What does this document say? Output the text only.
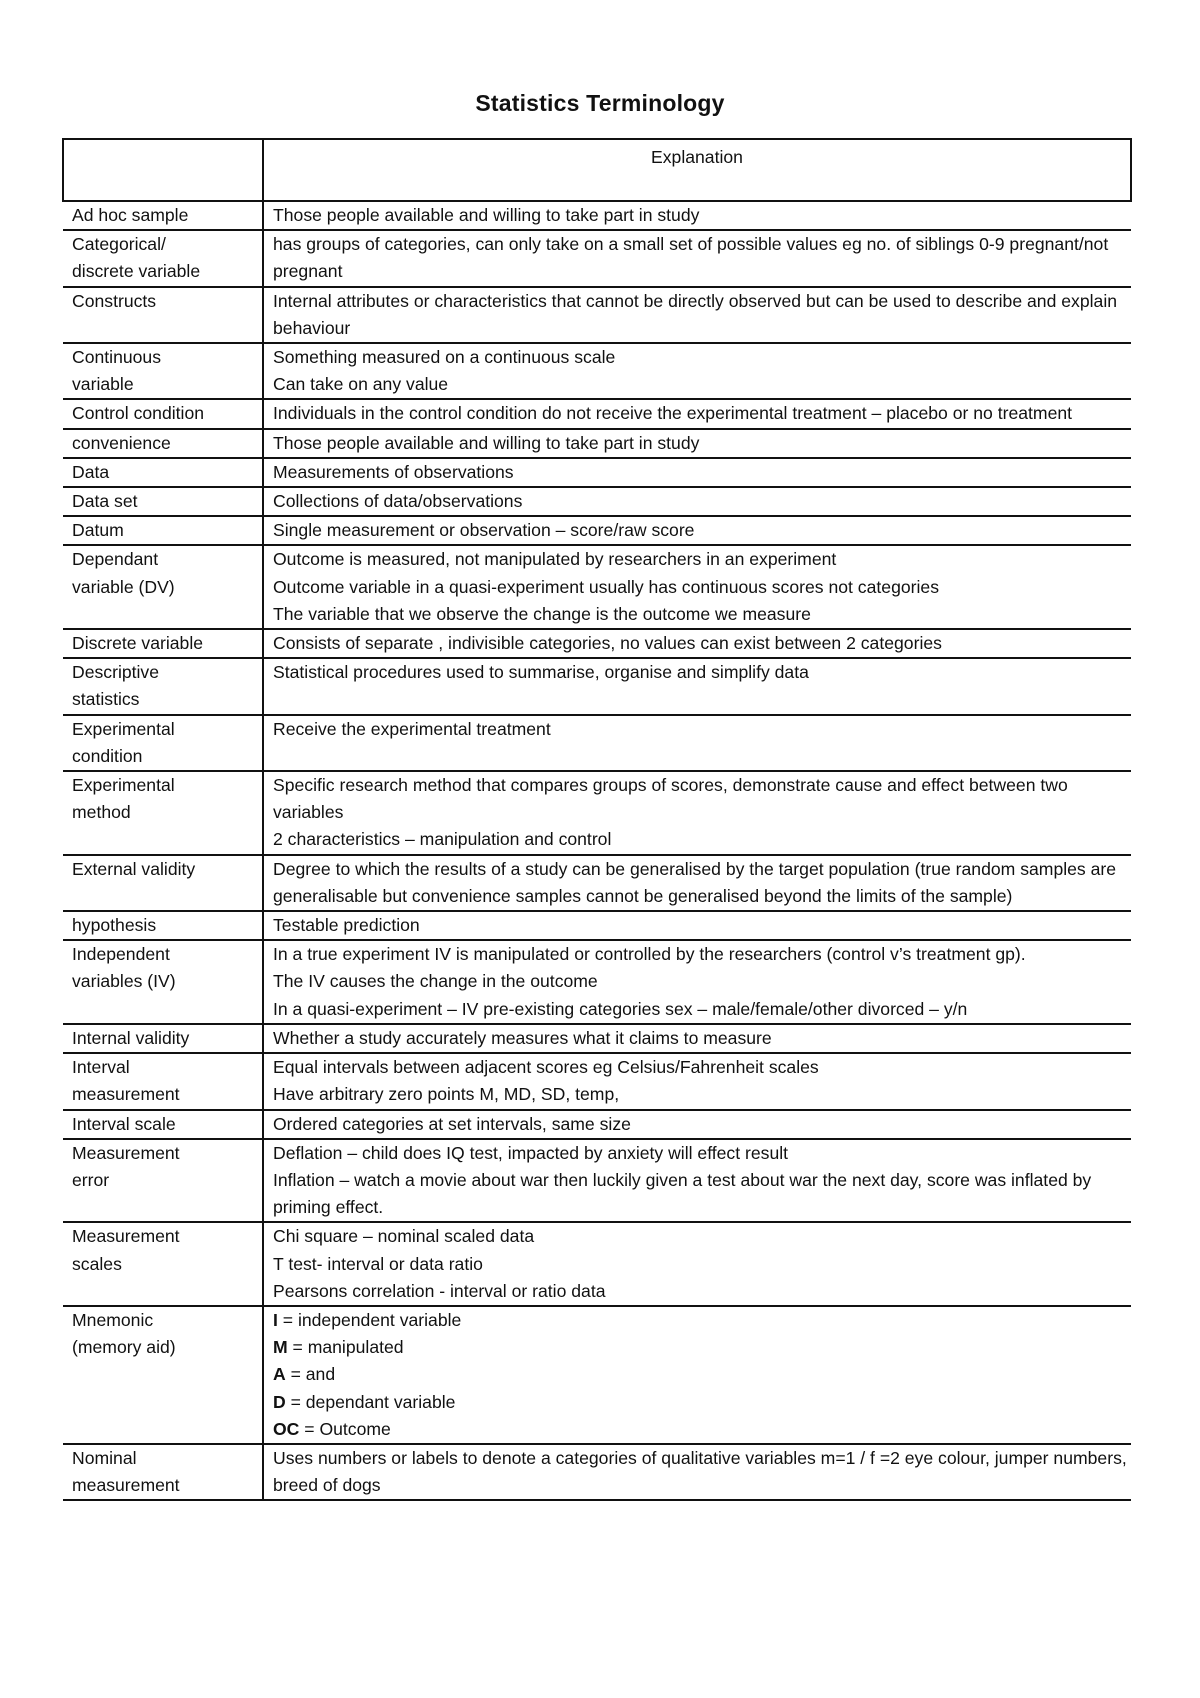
Statistics Terminology
	Explanation

Ad hoc sample	Those people available and willing to take part in study

Categorical/
discrete variable	has groups of categories, can only take on a small set of possible values eg no. of siblings 0-9 pregnant/not pregnant

Constructs	Internal attributes or characteristics that cannot be directly observed but can be used to describe and explain behaviour

Continuous
variable	Something measured on a continuous scale
Can take on any value

Control condition	Individuals in the control condition do not receive the experimental treatment – placebo or no treatment

convenience	Those people available and willing to take part in study

Data	Measurements of observations

Data set	Collections of data/observations

Datum	Single measurement or observation – score/raw score

Dependant
variable (DV)	Outcome is measured, not manipulated by researchers in an experiment
Outcome variable in a quasi-experiment usually has continuous scores not categories
The variable that we observe the change is the outcome we measure

Discrete variable	Consists of separate , indivisible categories, no values can exist between 2 categories

Descriptive
statistics	Statistical procedures used to summarise, organise and simplify data

Experimental
condition	Receive the experimental treatment

Experimental
method	Specific research method that compares groups of scores, demonstrate cause and effect between two variables
2 characteristics – manipulation and control

External validity	Degree to which the results of a study can be generalised by the target population (true random samples are generalisable but convenience samples cannot be generalised beyond the limits of the sample)

hypothesis	Testable prediction

Independent
variables (IV)	In a true experiment IV is manipulated or controlled by the researchers (control v’s treatment gp).
The IV causes the change in the outcome
In a quasi-experiment – IV pre-existing categories sex – male/female/other divorced – y/n

Internal validity	Whether a study accurately measures what it claims to measure

Interval
measurement	Equal intervals between adjacent scores eg Celsius/Fahrenheit scales
Have arbitrary zero points M, MD, SD, temp,

Interval scale	Ordered categories at set intervals, same size

Measurement
error	Deflation – child does IQ test, impacted by anxiety will effect result
Inflation – watch a movie about war then luckily given a test about war the next day, score was inflated by priming effect.

Measurement
scales	Chi square – nominal scaled data
T test- interval or data ratio
Pearsons correlation - interval or ratio data

Mnemonic
(memory aid)	I = independent variable
M = manipulated
A = and
D = dependant variable
OC = Outcome

Nominal
measurement	Uses numbers or labels to denote a categories of qualitative variables m=1 / f =2 eye colour, jumper numbers, breed of dogs
